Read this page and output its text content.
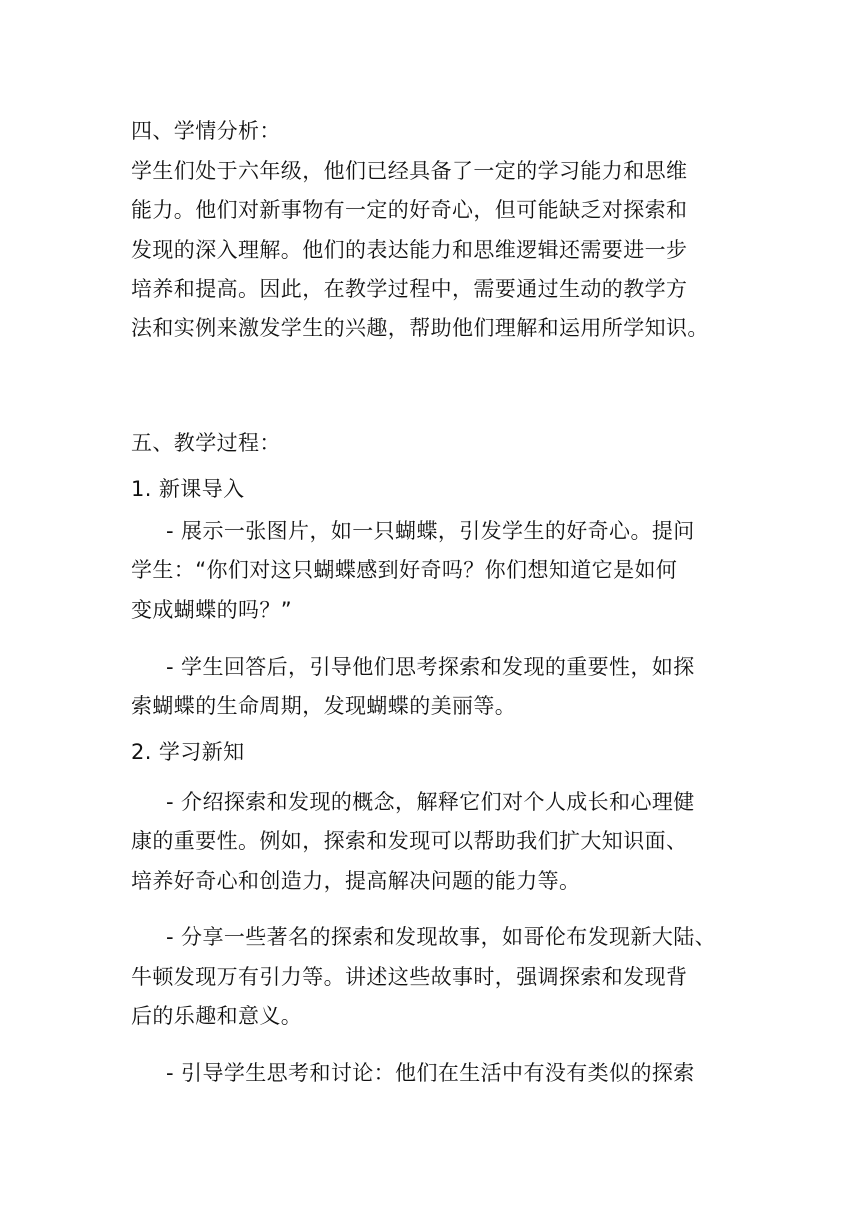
四、学情分析：
学生们处于六年级，他们已经具备了一定的学习能力和思维
能力。他们对新事物有一定的好奇心，但可能缺乏对探索和
发现的深入理解。他们的表达能力和思维逻辑还需要进一步
培养和提高。因此，在教学过程中，需要通过生动的教学方
法和实例来激发学生的兴趣，帮助他们理解和运用所学知识。
五、教学过程：
1. 新课导入
- 展示一张图片，如一只蝴蝶，引发学生的好奇心。提问
学生：“你们对这只蝴蝶感到好奇吗？你们想知道它是如何
变成蝴蝶的吗？”
- 学生回答后，引导他们思考探索和发现的重要性，如探
索蝴蝶的生命周期，发现蝴蝶的美丽等。
2. 学习新知
- 介绍探索和发现的概念，解释它们对个人成长和心理健
康的重要性。例如，探索和发现可以帮助我们扩大知识面、
培养好奇心和创造力，提高解决问题的能力等。
- 分享一些著名的探索和发现故事，如哥伦布发现新大陆、
牛顿发现万有引力等。讲述这些故事时，强调探索和发现背
后的乐趣和意义。
- 引导学生思考和讨论：他们在生活中有没有类似的探索
